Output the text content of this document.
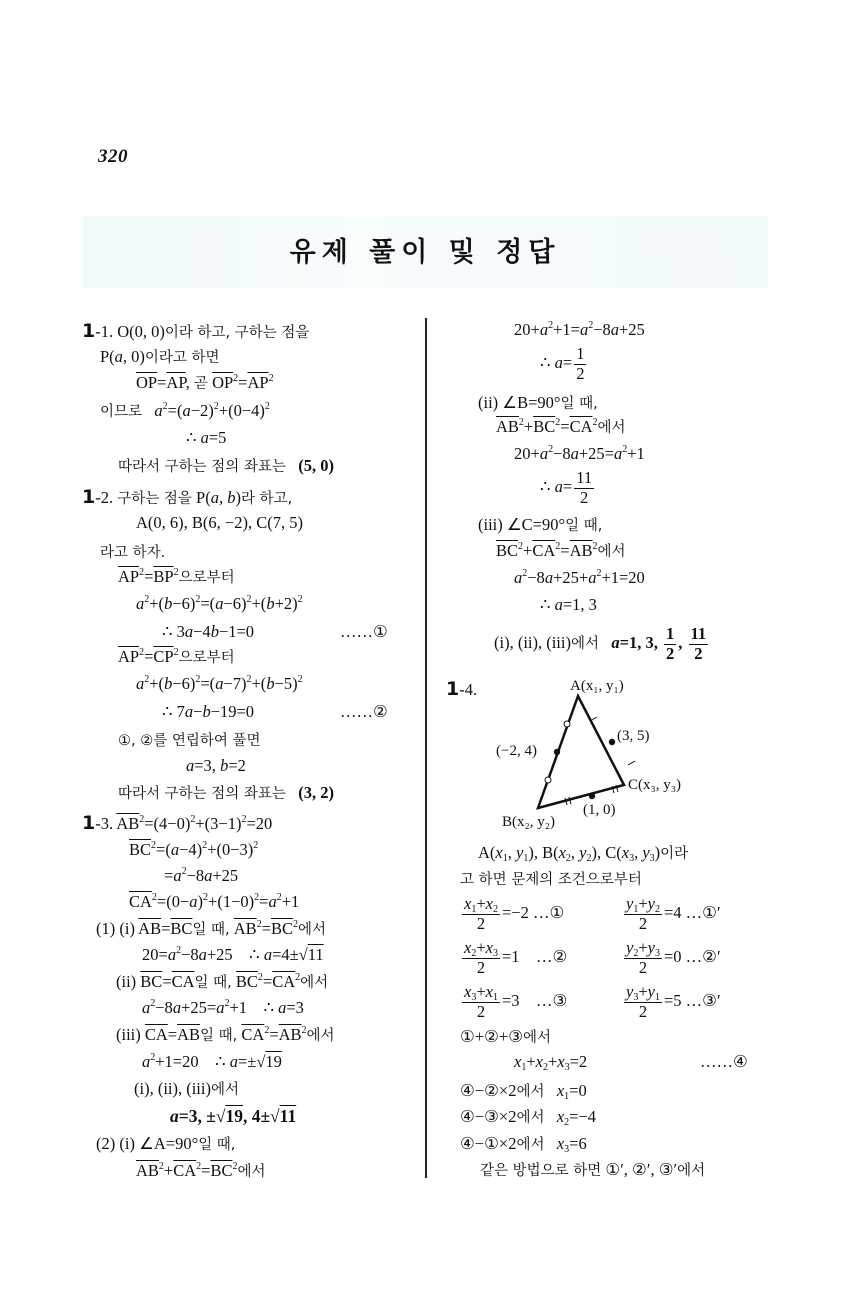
320
유제 풀이 및 정답
1-1. O(0, 0)이라 하고, 구하는 점을
P(a, 0)이라고 하면
$\overline{OP}=\overline{AP}$, 곧 $\overline{OP}^2=\overline{AP}^2$
이므로 $a^2=(a-2)^2+(0-4)^2$
∴ a=5
따라서 구하는 점의 좌표는 (5, 0)
1-2. 구하는 점을 P(a, b)라 하고,
A(0, 6), B(6, −2), C(7, 5)
라고 하자.
$\overline{AP}^2=\overline{BP}^2$으로부터
$a^2+(b-6)^2=(a-6)^2+(b+2)^2$
∴ 3a−4b−1=0	……①
$\overline{AP}^2=\overline{CP}^2$으로부터
$a^2+(b-6)^2=(a-7)^2+(b-5)^2$
∴ 7a−b−19=0	……②
①, ②를 연립하여 풀면
a=3, b=2
따라서 구하는 점의 좌표는 (3, 2)
1-3. $\overline{AB}^2=(4-0)^2+(3-1)^2=20$
$\overline{BC}^2=(a-4)^2+(0-3)^2$
$=a^2-8a+25$
$\overline{CA}^2=(0-a)^2+(1-0)^2=a^2+1$
(1) (i) $\overline{AB}=\overline{BC}$일 때, $\overline{AB}^2=\overline{BC}^2$에서
$20=a^2-8a+25$    ∴ a=4±√11
(ii) $\overline{BC}=\overline{CA}$일 때, $\overline{BC}^2=\overline{CA}^2$에서
$a^2-8a+25=a^2+1$    ∴ a=3
(iii) $\overline{CA}=\overline{AB}$일 때, $\overline{CA}^2=\overline{AB}^2$에서
$a^2+1=20$    ∴ a=±√19
(i), (ii), (iii)에서
a=3, ±√19, 4±√11
(2) (i) ∠A=90°일 때,
$\overline{AB}^2+\overline{CA}^2=\overline{BC}^2$에서
$20+a^2+1=a^2-8a+25$
∴ $a= \frac{1}{2}$
(ii) ∠B=90°일 때,
$\overline{AB}^2+\overline{BC}^2=\overline{CA}^2$에서
$20+a^2-8a+25=a^2+1$
∴ $a= \frac{11}{2}$
(iii) ∠C=90°일 때,
$\overline{BC}^2+\overline{CA}^2=\overline{AB}^2$에서
$a^2-8a+25+a^2+1=20$
∴ a=1, 3
(i), (ii), (iii)에서 a=1, 3, $\frac{1}{2}$ , $\frac{11}{2}$
1-4.	A(x₁, y₁)
B(x₂, y₂)
C(x₃, y₃)
(−2, 4)
(3, 5)
(1, 0)
$A(x_1$, $y_1$), $B(x_2$, $y_2$), $C(x_3$, $y_3$)이라
고 하면 문제의 조건으로부터
$\frac{x_1+x_2}{2} =-2$ …①	$\frac{y_1+y_2}{2} =4$ …①′
$\frac{x_2+x_3}{2} =1$    …②	$\frac{y_2+y_3}{2} =0$ …②′
$\frac{x_3+x_1}{2} =3$    …③	$\frac{y_3+y_1}{2} =5$ …③′
①+②+③에서
$x_1+x_2+x_3=2$	……④
④−②×2에서 $x_1=0$
④−③×2에서 $x_2=-4$
④−①×2에서 $x_3=6$
같은 방법으로 하면 ①′, ②′, ③′에서
